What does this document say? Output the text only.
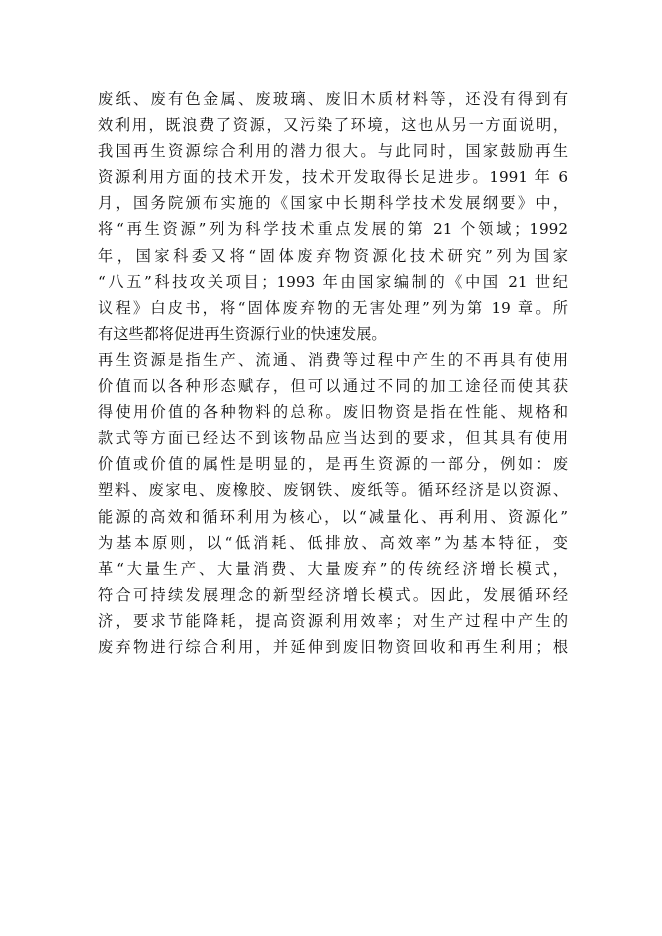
废纸、废有色金属、废玻璃、废旧木质材料等，还没有得到有
效利用，既浪费了资源，又污染了环境，这也从另一方面说明，
我国再生资源综合利用的潜力很大。与此同时，国家鼓励再生
资源利用方面的技术开发，技术开发取得长足进步。1991 年 6
月，国务院颁布实施的《国家中长期科学技术发展纲要》中，
将“再生资源”列为科学技术重点发展的第 21 个领域；1992
年，国家科委又将“固体废弃物资源化技术研究”列为国家
“八五”科技攻关项目；1993 年由国家编制的《中国 21 世纪
议程》白皮书，将“固体废弃物的无害处理”列为第 19 章。所
有这些都将促进再生资源行业的快速发展。
再生资源是指生产、流通、消费等过程中产生的不再具有使用
价值而以各种形态赋存，但可以通过不同的加工途径而使其获
得使用价值的各种物料的总称。废旧物资是指在性能、规格和
款式等方面已经达不到该物品应当达到的要求，但其具有使用
价值或价值的属性是明显的，是再生资源的一部分，例如：废
塑料、废家电、废橡胶、废钢铁、废纸等。循环经济是以资源、
能源的高效和循环利用为核心，以“减量化、再利用、资源化”
为基本原则，以“低消耗、低排放、高效率”为基本特征，变
革“大量生产、大量消费、大量废弃”的传统经济增长模式，
符合可持续发展理念的新型经济增长模式。因此，发展循环经
济，要求节能降耗，提高资源利用效率；对生产过程中产生的
废弃物进行综合利用，并延伸到废旧物资回收和再生利用；根
